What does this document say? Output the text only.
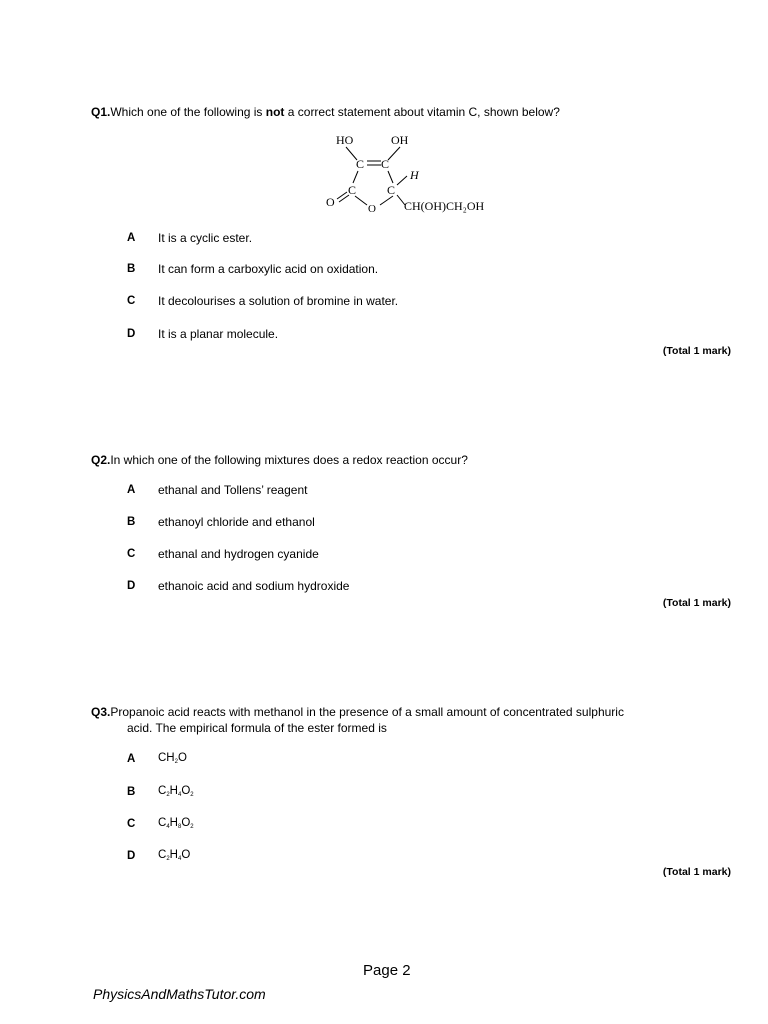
Q1.Which one of the following is not a correct statement about vitamin C, shown below?
HO	OH
C C
C	C
H
O
O	CH(OH)CH₂OH
A It is a cyclic ester.
B It can form a carboxylic acid on oxidation.
C It decolourises a solution of bromine in water.
D It is a planar molecule.
(Total 1 mark)
Q2.In which one of the following mixtures does a redox reaction occur?
A ethanal and Tollens’ reagent
B ethanoyl chloride and ethanol
C ethanal and hydrogen cyanide
D ethanoic acid and sodium hydroxide
(Total 1 mark)
Q3.Propanoic acid reacts with methanol in the presence of a small amount of concentrated sulphuric
acid. The empirical formula of the ester formed is
A $CH_2O$
B $C_2H_4O_2$
C $C_4H_8O_2$
D $C_2H_4O$
(Total 1 mark)
Page 2
PhysicsAndMathsTutor.com
